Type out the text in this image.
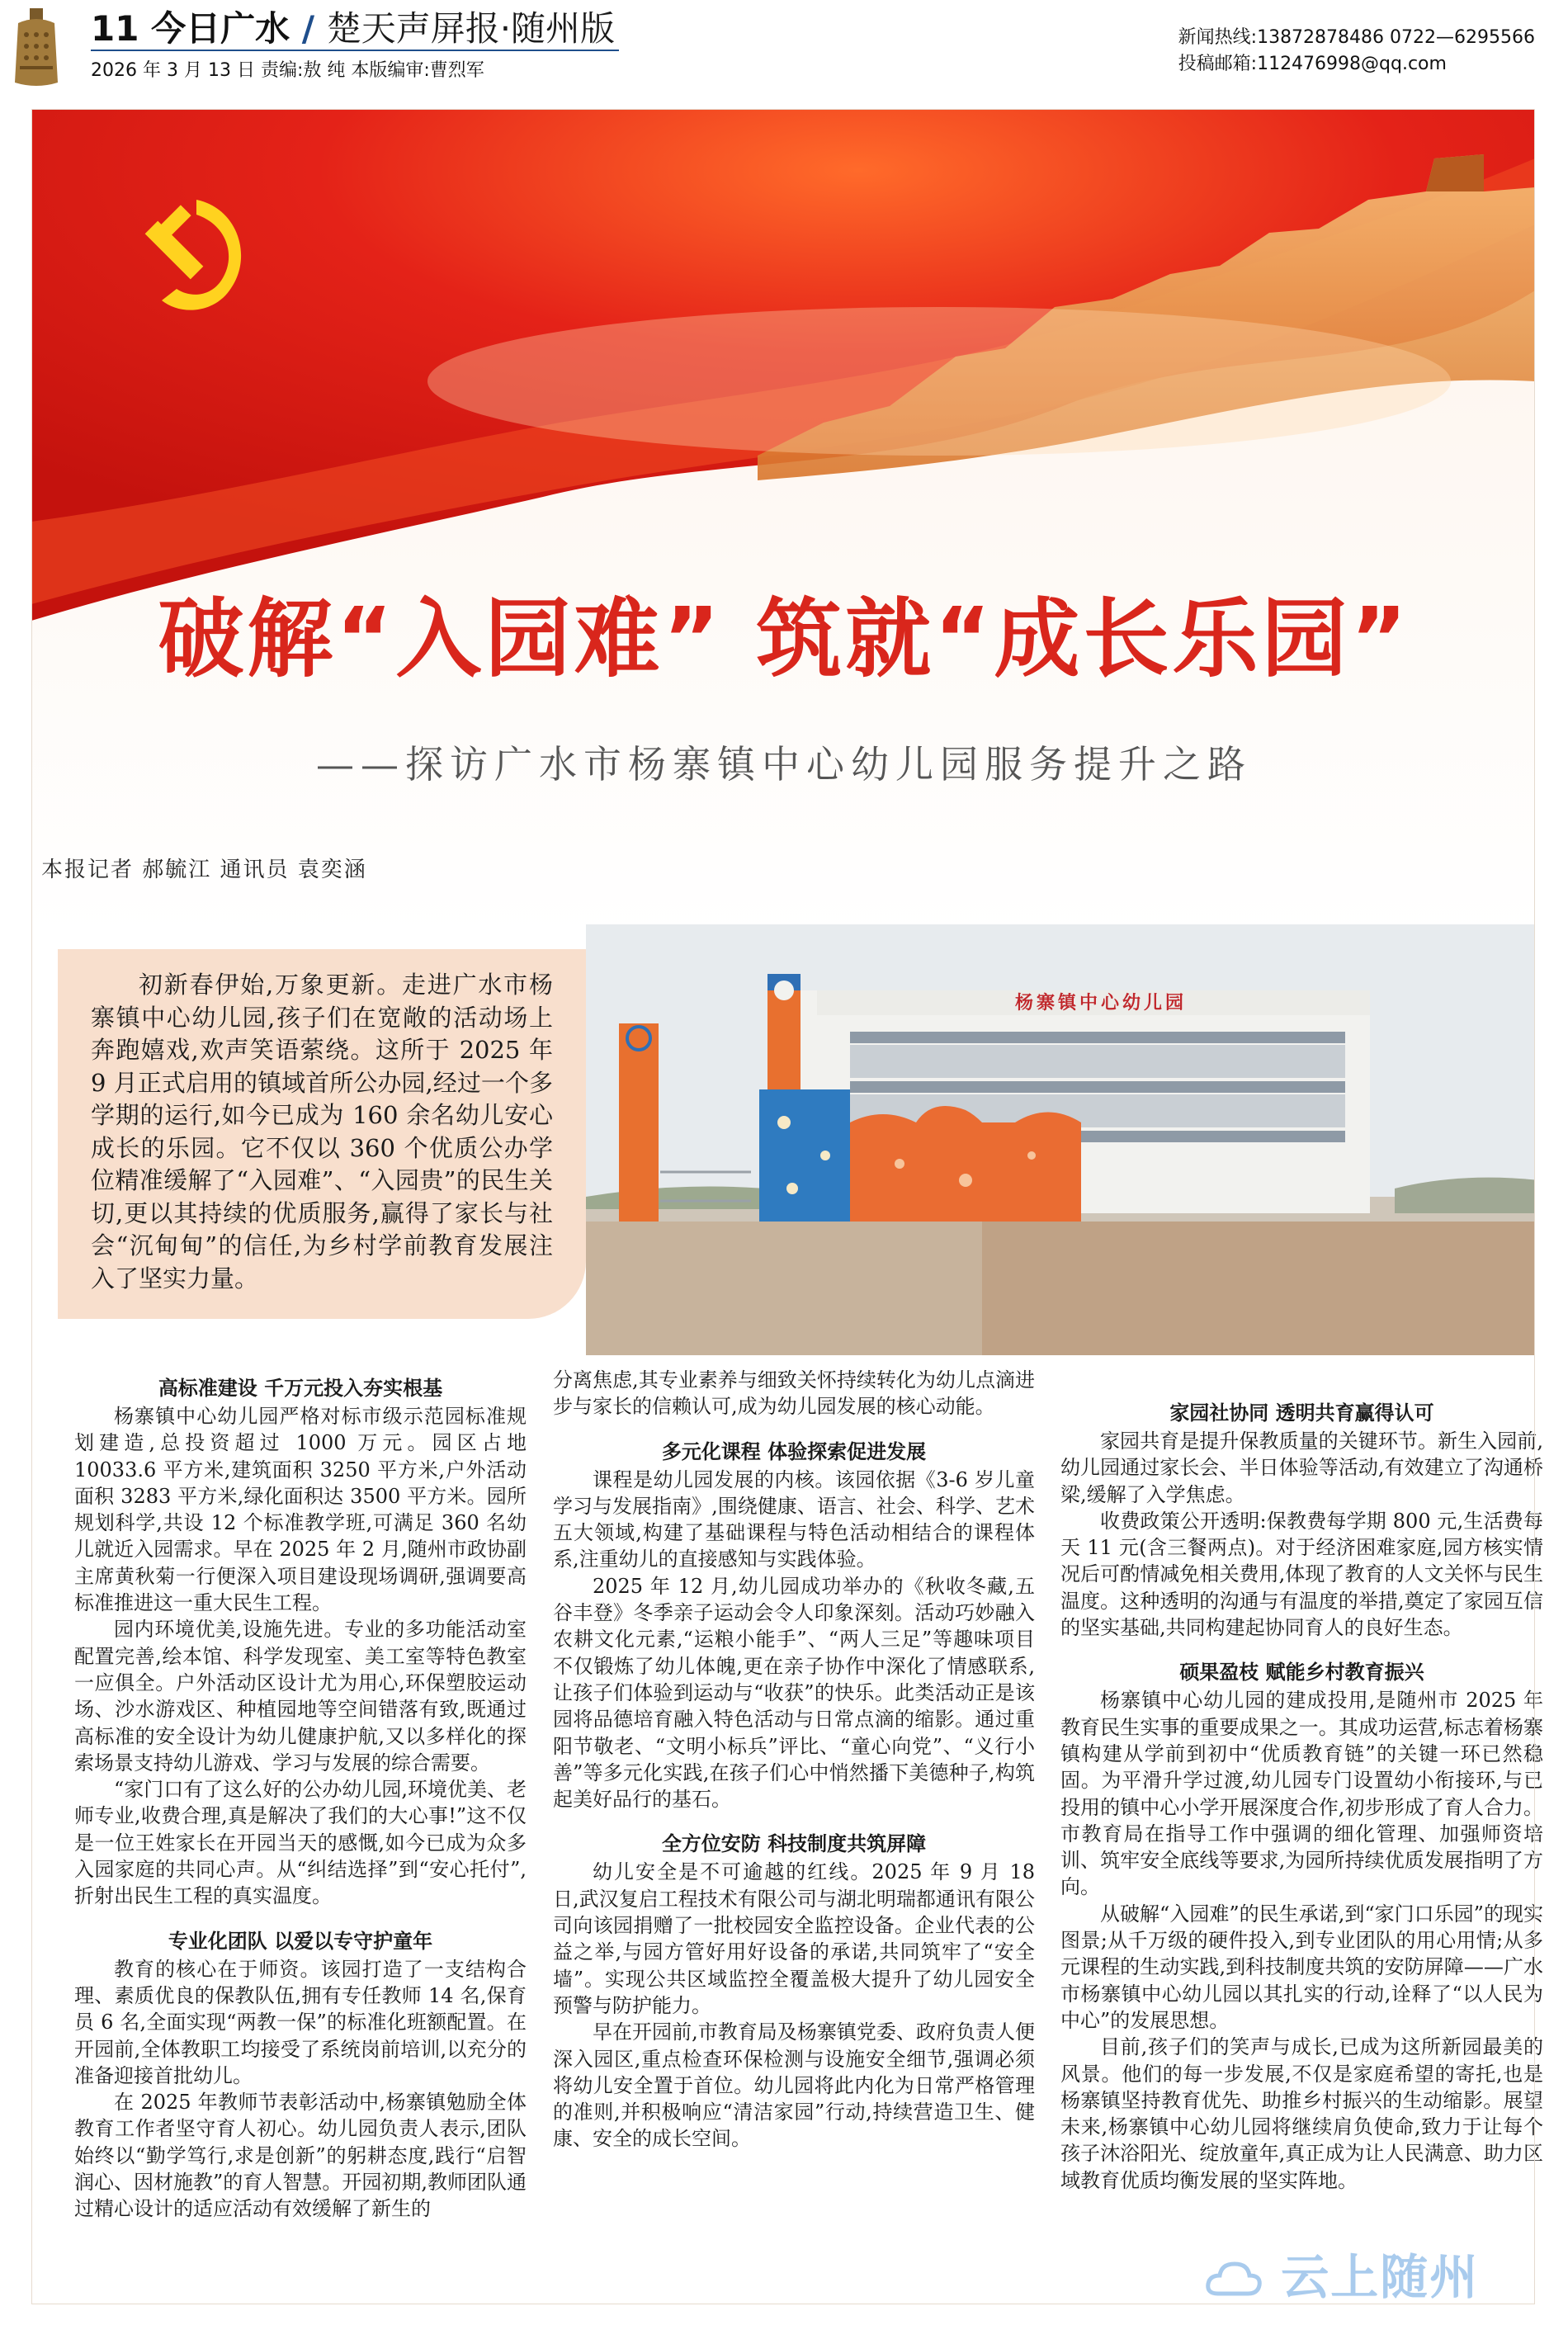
11 今日广水 / 楚天声屏报·随州版
2026 年 3 月 13 日 责编:敖 纯 本版编审:曹烈军
新闻热线:13872878486 0722—6295566
投稿邮箱:112476998@qq.com
杨寨镇中心幼儿园
破解“入园难” 筑就“成长乐园”
——探访广水市杨寨镇中心幼儿园服务提升之路
本报记者 郝毓江 通讯员 袁奕涵
初新春伊始,万象更新。走进广水市杨寨镇中心幼儿园,孩子们在宽敞的活动场上奔跑嬉戏,欢声笑语萦绕。这所于 2025 年 9 月正式启用的镇域首所公办园,经过一个多学期的运行,如今已成为 160 余名幼儿安心成长的乐园。它不仅以 360 个优质公办学位精准缓解了“入园难”、“入园贵”的民生关切,更以其持续的优质服务,赢得了家长与社会“沉甸甸”的信任,为乡村学前教育发展注入了坚实力量。
高标准建设 千万元投入夯实根基

杨寨镇中心幼儿园严格对标市级示范园标准规划建造,总投资超过 1000 万元。园区占地 10033.6 平方米,建筑面积 3250 平方米,户外活动面积 3283 平方米,绿化面积达 3500 平方米。园所规划科学,共设 12 个标准教学班,可满足 360 名幼儿就近入园需求。早在 2025 年 2 月,随州市政协副主席黄秋菊一行便深入项目建设现场调研,强调要高标准推进这一重大民生工程。

园内环境优美,设施先进。专业的多功能活动室配置完善,绘本馆、科学发现室、美工室等特色教室一应俱全。户外活动区设计尤为用心,环保塑胶运动场、沙水游戏区、种植园地等空间错落有致,既通过高标准的安全设计为幼儿健康护航,又以多样化的探索场景支持幼儿游戏、学习与发展的综合需要。

“家门口有了这么好的公办幼儿园,环境优美、老师专业,收费合理,真是解决了我们的大心事!”这不仅是一位王姓家长在开园当天的感慨,如今已成为众多入园家庭的共同心声。从“纠结选择”到“安心托付”,折射出民生工程的真实温度。

专业化团队 以爱以专守护童年

教育的核心在于师资。该园打造了一支结构合理、素质优良的保教队伍,拥有专任教师 14 名,保育员 6 名,全面实现“两教一保”的标准化班额配置。在开园前,全体教职工均接受了系统岗前培训,以充分的准备迎接首批幼儿。

在 2025 年教师节表彰活动中,杨寨镇勉励全体教育工作者坚守育人初心。幼儿园负责人表示,团队始终以“勤学笃行,求是创新”的躬耕态度,践行“启智润心、因材施教”的育人智慧。开园初期,教师团队通过精心设计的适应活动有效缓解了新生的

分离焦虑,其专业素养与细致关怀持续转化为幼儿点滴进步与家长的信赖认可,成为幼儿园发展的核心动能。

多元化课程 体验探索促进发展

课程是幼儿园发展的内核。该园依据《3-6 岁儿童学习与发展指南》,围绕健康、语言、社会、科学、艺术五大领域,构建了基础课程与特色活动相结合的课程体系,注重幼儿的直接感知与实践体验。

2025 年 12 月,幼儿园成功举办的《秋收冬藏,五谷丰登》冬季亲子运动会令人印象深刻。活动巧妙融入农耕文化元素,“运粮小能手”、“两人三足”等趣味项目不仅锻炼了幼儿体魄,更在亲子协作中深化了情感联系,让孩子们体验到运动与“收获”的快乐。此类活动正是该园将品德培育融入特色活动与日常点滴的缩影。通过重阳节敬老、“文明小标兵”评比、“童心向党”、“义行小善”等多元化实践,在孩子们心中悄然播下美德种子,构筑起美好品行的基石。

全方位安防 科技制度共筑屏障

幼儿安全是不可逾越的红线。2025 年 9 月 18 日,武汉复启工程技术有限公司与湖北明瑞都通讯有限公司向该园捐赠了一批校园安全监控设备。企业代表的公益之举,与园方管好用好设备的承诺,共同筑牢了“安全墙”。实现公共区域监控全覆盖极大提升了幼儿园安全预警与防护能力。

早在开园前,市教育局及杨寨镇党委、政府负责人便深入园区,重点检查环保检测与设施安全细节,强调必须将幼儿安全置于首位。幼儿园将此内化为日常严格管理的准则,并积极响应“清洁家园”行动,持续营造卫生、健康、安全的成长空间。

家园社协同 透明共育赢得认可

家园共育是提升保教质量的关键环节。新生入园前,幼儿园通过家长会、半日体验等活动,有效建立了沟通桥梁,缓解了入学焦虑。

收费政策公开透明:保教费每学期 800 元,生活费每天 11 元(含三餐两点)。对于经济困难家庭,园方核实情况后可酌情减免相关费用,体现了教育的人文关怀与民生温度。这种透明的沟通与有温度的举措,奠定了家园互信的坚实基础,共同构建起协同育人的良好生态。

硕果盈枝 赋能乡村教育振兴

杨寨镇中心幼儿园的建成投用,是随州市 2025 年教育民生实事的重要成果之一。其成功运营,标志着杨寨镇构建从学前到初中“优质教育链”的关键一环已然稳固。为平滑升学过渡,幼儿园专门设置幼小衔接环,与已投用的镇中心小学开展深度合作,初步形成了育人合力。市教育局在指导工作中强调的细化管理、加强师资培训、筑牢安全底线等要求,为园所持续优质发展指明了方向。

从破解“入园难”的民生承诺,到“家门口乐园”的现实图景;从千万级的硬件投入,到专业团队的用心用情;从多元课程的生动实践,到科技制度共筑的安防屏障——广水市杨寨镇中心幼儿园以其扎实的行动,诠释了“以人民为中心”的发展思想。

目前,孩子们的笑声与成长,已成为这所新园最美的风景。他们的每一步发展,不仅是家庭希望的寄托,也是杨寨镇坚持教育优先、助推乡村振兴的生动缩影。展望未来,杨寨镇中心幼儿园将继续肩负使命,致力于让每个孩子沐浴阳光、绽放童年,真正成为让人民满意、助力区域教育优质均衡发展的坚实阵地。

云上随州
